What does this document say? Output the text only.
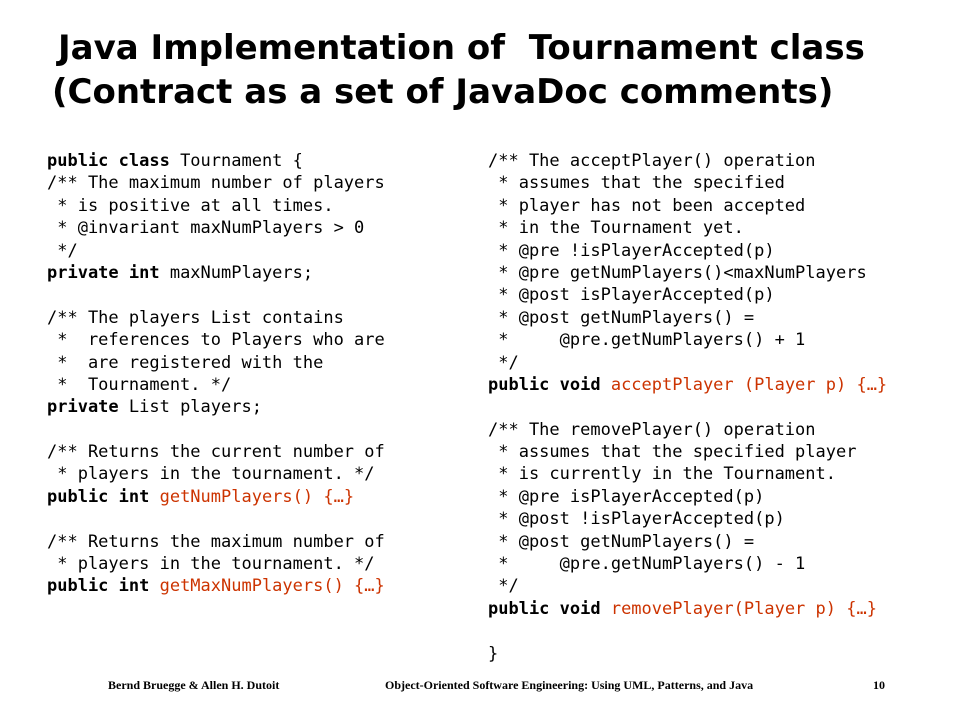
Java Implementation of  Tournament class
(Contract as a set of JavaDoc comments)
public class Tournament {
/** The maximum number of players
* is positive at all times.
* @invariant maxNumPlayers > 0
*/
private int maxNumPlayers;
/** The players List contains
*  references to Players who are
*  are registered with the
*  Tournament. */
private List players;
/** Returns the current number of
* players in the tournament. */
public int getNumPlayers() {…}
/** Returns the maximum number of
* players in the tournament. */
public int getMaxNumPlayers() {…}
/** The acceptPlayer() operation
* assumes that the specified
* player has not been accepted
* in the Tournament yet.
* @pre !isPlayerAccepted(p)
* @pre getNumPlayers()<maxNumPlayers
* @post isPlayerAccepted(p)
* @post getNumPlayers() =
*     @pre.getNumPlayers() + 1
*/
public void acceptPlayer (Player p) {…}
/** The removePlayer() operation
* assumes that the specified player
* is currently in the Tournament.
* @pre isPlayerAccepted(p)
* @post !isPlayerAccepted(p)
* @post getNumPlayers() =
*     @pre.getNumPlayers() - 1
*/
public void removePlayer(Player p) {…}
}
Bernd Bruegge & Allen H. Dutoit	Object-Oriented Software Engineering: Using UML, Patterns, and Java	10
